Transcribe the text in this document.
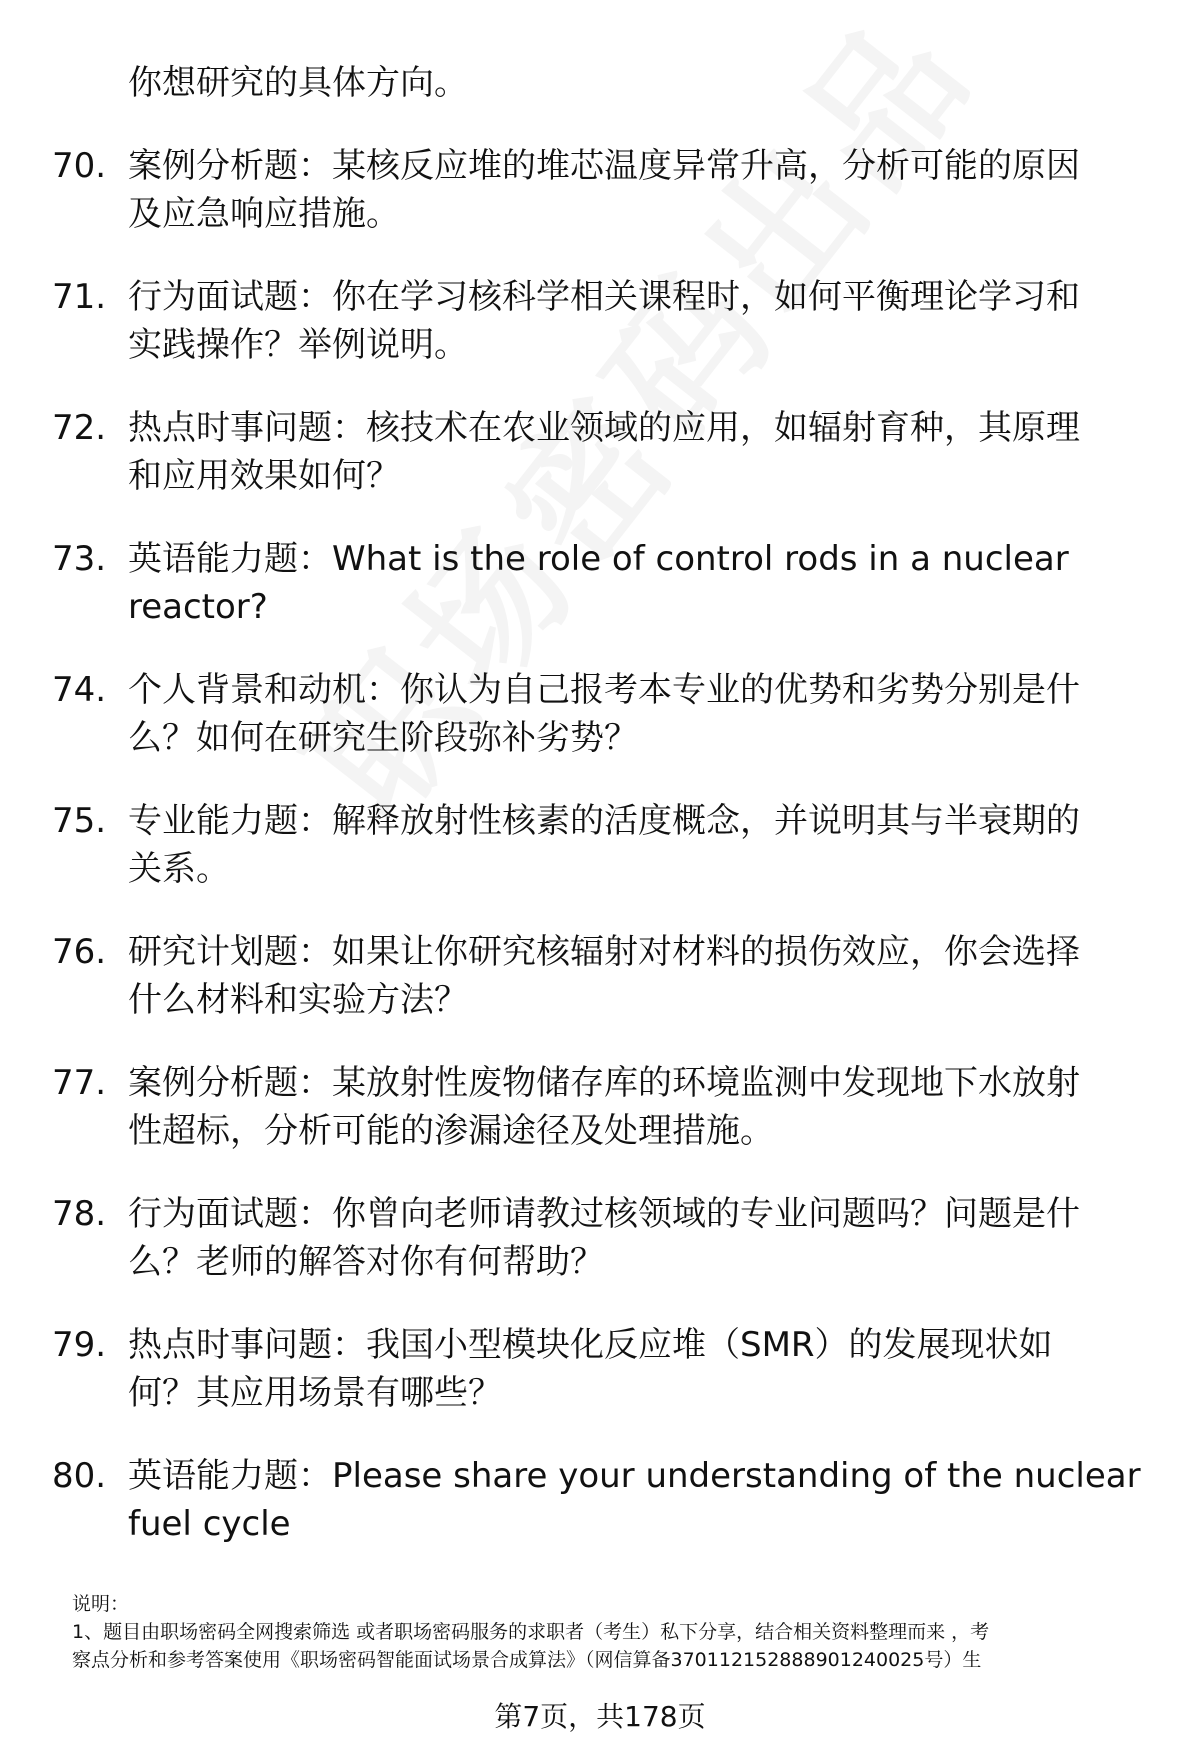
你想研究的具体方向。
70. 案例分析题：某核反应堆的堆芯温度异常升高，分析可能的原因
及应急响应措施。
71. 行为面试题：你在学习核科学相关课程时，如何平衡理论学习和
实践操作？举例说明。
72. 热点时事问题：核技术在农业领域的应用，如辐射育种，其原理
和应用效果如何？
73. 英语能力题：What is the role of control rods in a nuclear
reactor?
74. 个人背景和动机：你认为自己报考本专业的优势和劣势分别是什
么？如何在研究生阶段弥补劣势？
75. 专业能力题：解释放射性核素的活度概念，并说明其与半衰期的
关系。
76. 研究计划题：如果让你研究核辐射对材料的损伤效应，你会选择
什么材料和实验方法？
77. 案例分析题：某放射性废物储存库的环境监测中发现地下水放射
性超标，分析可能的渗漏途径及处理措施。
78. 行为面试题：你曾向老师请教过核领域的专业问题吗？问题是什
么？老师的解答对你有何帮助？
79. 热点时事问题：我国小型模块化反应堆（SMR）的发展现状如
何？其应用场景有哪些？
80. 英语能力题：Please share your understanding of the nuclear
fuel cycle
说明：
1、题目由职场密码全网搜索筛选 或者职场密码服务的求职者（考生）私下分享，结合相关资料整理而来 ，考
察点分析和参考答案使用《职场密码智能面试场景合成算法》（网信算备370112152888901240025号）生
第7页，共178页
